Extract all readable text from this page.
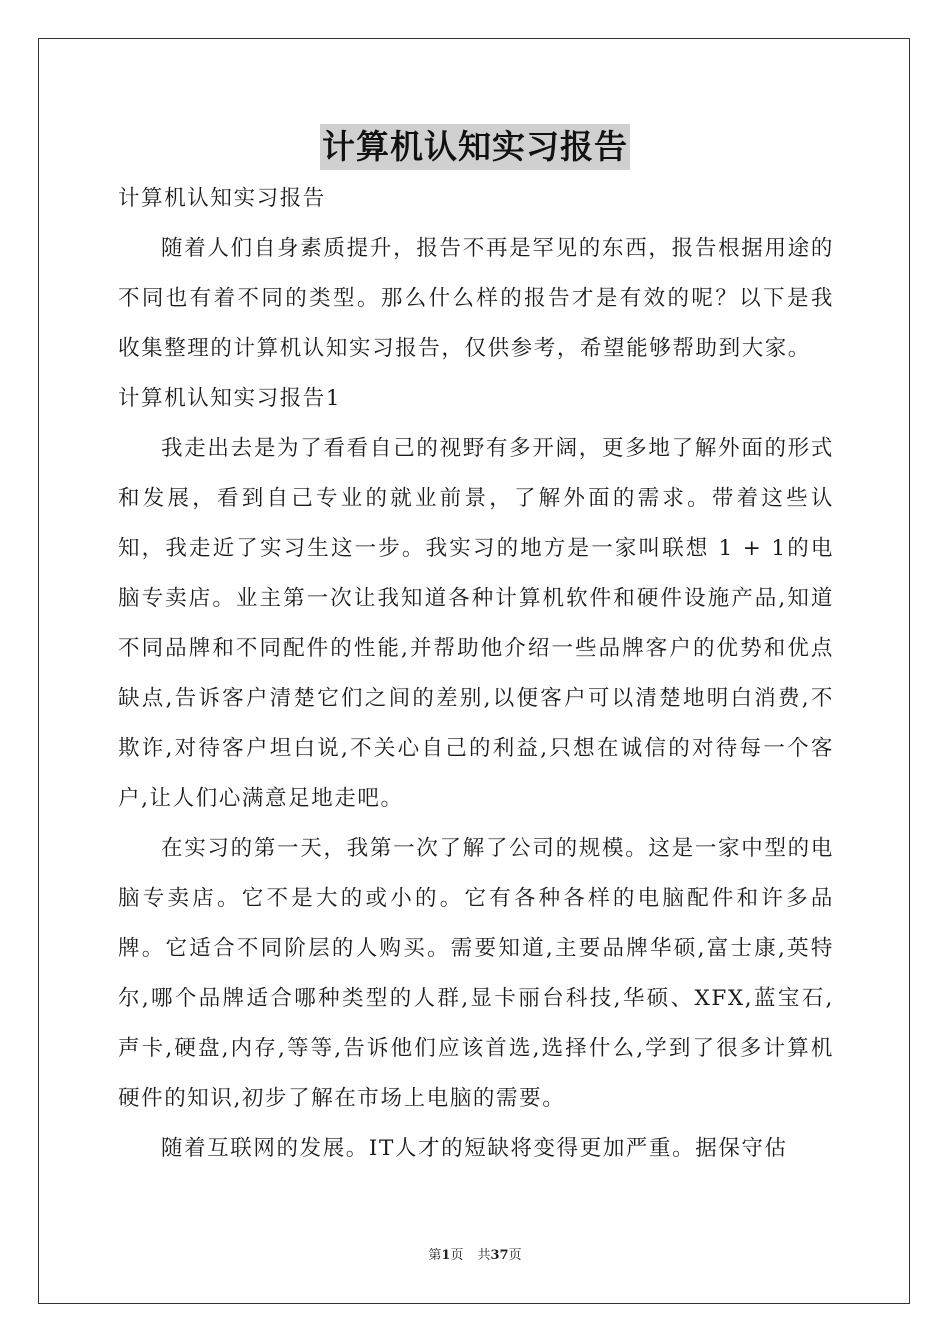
计算机认知实习报告

计算机认知实习报告

随着人们自身素质提升，报告不再是罕见的东西，报告根据用途的不同也有着不同的类型。那么什么样的报告才是有效的呢？以下是我收集整理的计算机认知实习报告，仅供参考，希望能够帮助到大家。

计算机认知实习报告1

我走出去是为了看看自己的视野有多开阔，更多地了解外面的形式和发展，看到自己专业的就业前景，了解外面的需求。带着这些认知，我走近了实习生这一步。我实习的地方是一家叫联想 1 + 1的电脑专卖店。业主第一次让我知道各种计算机软件和硬件设施产品,知道不同品牌和不同配件的性能,并帮助他介绍一些品牌客户的优势和优点缺点,告诉客户清楚它们之间的差别,以便客户可以清楚地明白消费,不欺诈,对待客户坦白说,不关心自己的利益,只想在诚信的对待每一个客户,让人们心满意足地走吧。

在实习的第一天，我第一次了解了公司的规模。这是一家中型的电脑专卖店。它不是大的或小的。它有各种各样的电脑配件和许多品牌。它适合不同阶层的人购买。需要知道,主要品牌华硕,富士康,英特尔,哪个品牌适合哪种类型的人群,显卡丽台科技,华硕、XFX,蓝宝石,声卡,硬盘,内存,等等,告诉他们应该首选,选择什么,学到了很多计算机硬件的知识,初步了解在市场上电脑的需要。

随着互联网的发展。IT人才的短缺将变得更加严重。据保守估

第1页 共37页
